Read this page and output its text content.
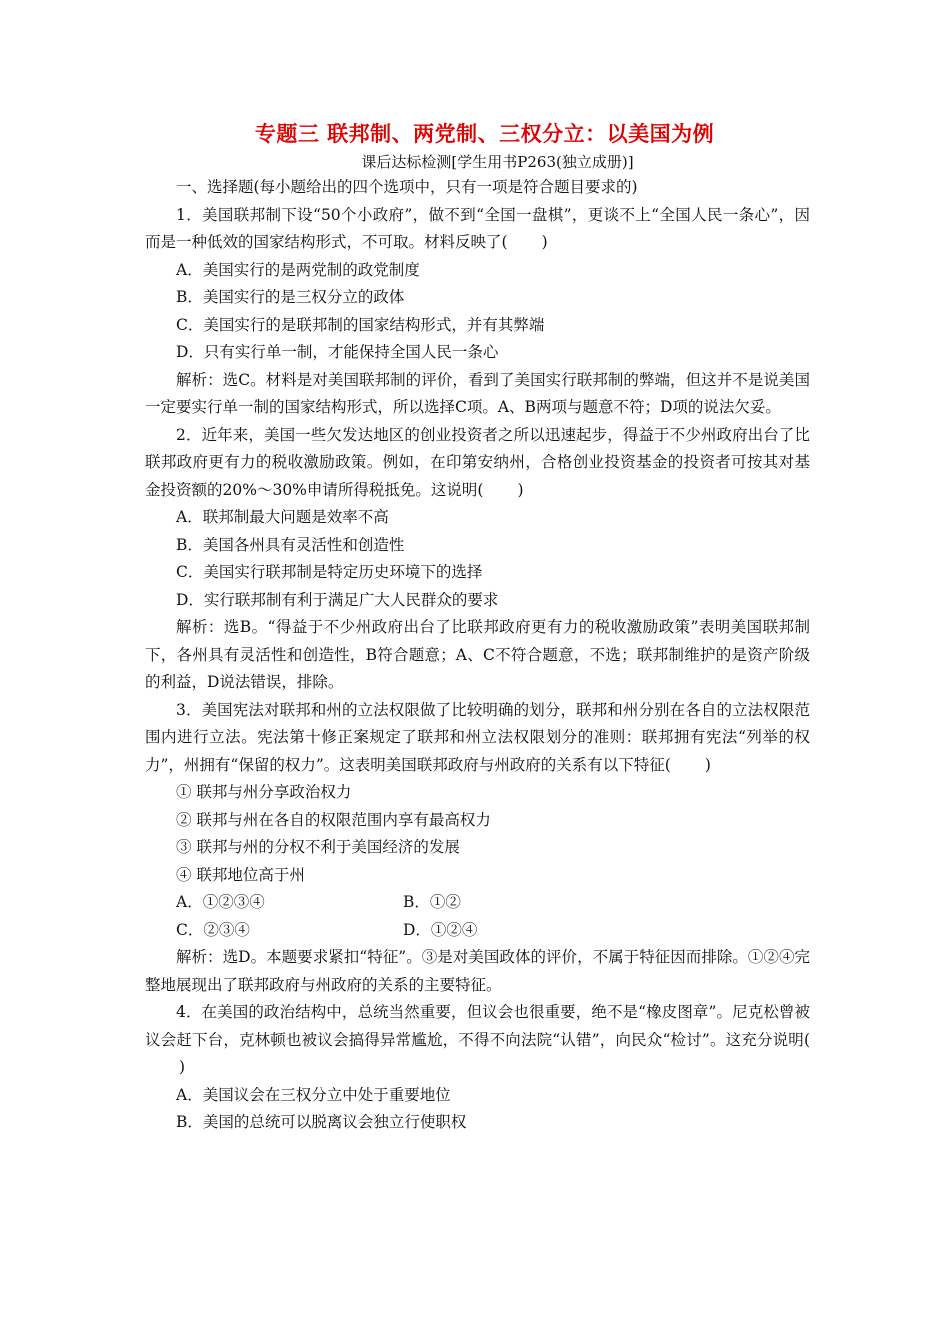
专题三 联邦制、两党制、三权分立：以美国为例
课后达标检测[学生用书P263(独立成册)]

一、选择题(每小题给出的四个选项中，只有一项是符合题目要求的)

1．美国联邦制下设“50个小政府”，做不到“全国一盘棋”，更谈不上“全国人民一条心”，因而是一种低效的国家结构形式，不可取。材料反映了( )

A．美国实行的是两党制的政党制度

B．美国实行的是三权分立的政体

C．美国实行的是联邦制的国家结构形式，并有其弊端

D．只有实行单一制，才能保持全国人民一条心

解析：选C。材料是对美国联邦制的评价，看到了美国实行联邦制的弊端，但这并不是说美国一定要实行单一制的国家结构形式，所以选择C项。A、B两项与题意不符；D项的说法欠妥。

2．近年来，美国一些欠发达地区的创业投资者之所以迅速起步，得益于不少州政府出台了比联邦政府更有力的税收激励政策。例如，在印第安纳州，合格创业投资基金的投资者可按其对基金投资额的20%～30%申请所得税抵免。这说明( )

A．联邦制最大问题是效率不高

B．美国各州具有灵活性和创造性

C．美国实行联邦制是特定历史环境下的选择

D．实行联邦制有利于满足广大人民群众的要求

解析：选B。“得益于不少州政府出台了比联邦政府更有力的税收激励政策”表明美国联邦制下，各州具有灵活性和创造性，B符合题意；A、C不符合题意，不选；联邦制维护的是资产阶级的利益，D说法错误，排除。

3．美国宪法对联邦和州的立法权限做了比较明确的划分，联邦和州分别在各自的立法权限范围内进行立法。宪法第十修正案规定了联邦和州立法权限划分的准则：联邦拥有宪法“列举的权力”，州拥有“保留的权力”。这表明美国联邦政府与州政府的关系有以下特征( )

① 联邦与州分享政治权力

② 联邦与州在各自的权限范围内享有最高权力

③ 联邦与州的分权不利于美国经济的发展

④ 联邦地位高于州

A．①②③④	B．①②
C．②③④	D．①②④

解析：选D。本题要求紧扣“特征”。③是对美国政体的评价，不属于特征因而排除。①②④完整地展现出了联邦政府与州政府的关系的主要特征。

4．在美国的政治结构中，总统当然重要，但议会也很重要，绝不是“橡皮图章”。尼克松曾被议会赶下台，克林顿也被议会搞得异常尴尬，不得不向法院“认错”，向民众“检讨”。这充分说明()

A．美国议会在三权分立中处于重要地位

B．美国的总统可以脱离议会独立行使职权
